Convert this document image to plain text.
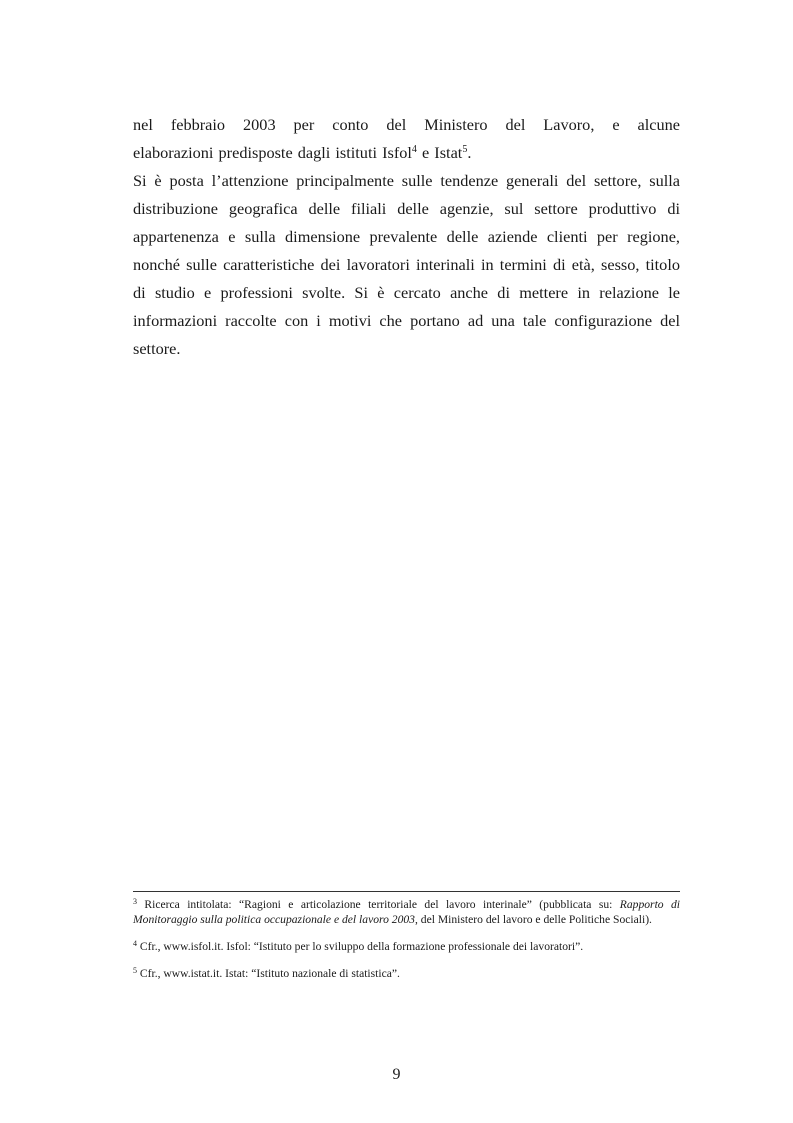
nel febbraio 2003 per conto del Ministero del Lavoro, e alcune

elaborazioni predisposte dagli istituti Isfol$^4$ e Istat$^5$.

Si è posta l’attenzione principalmente sulle tendenze generali del settore, sulla distribuzione geografica delle filiali delle agenzie, sul settore produttivo di appartenenza e sulla dimensione prevalente delle aziende clienti per regione, nonché sulle caratteristiche dei lavoratori interinali in termini di età, sesso, titolo di studio e professioni svolte. Si è cercato anche di mettere in relazione le informazioni raccolte con i motivi che portano ad una tale configurazione del settore.

$^3$ Ricerca intitolata: “Ragioni e articolazione territoriale del lavoro interinale” (pubblicata su: Rapporto di Monitoraggio sulla politica occupazionale e del lavoro 2003, del Ministero del lavoro e delle Politiche Sociali).

$^4$ Cfr., www.isfol.it. Isfol: “Istituto per lo sviluppo della formazione professionale dei lavoratori”.

$^5$ Cfr., www.istat.it. Istat: “Istituto nazionale di statistica”.

9
